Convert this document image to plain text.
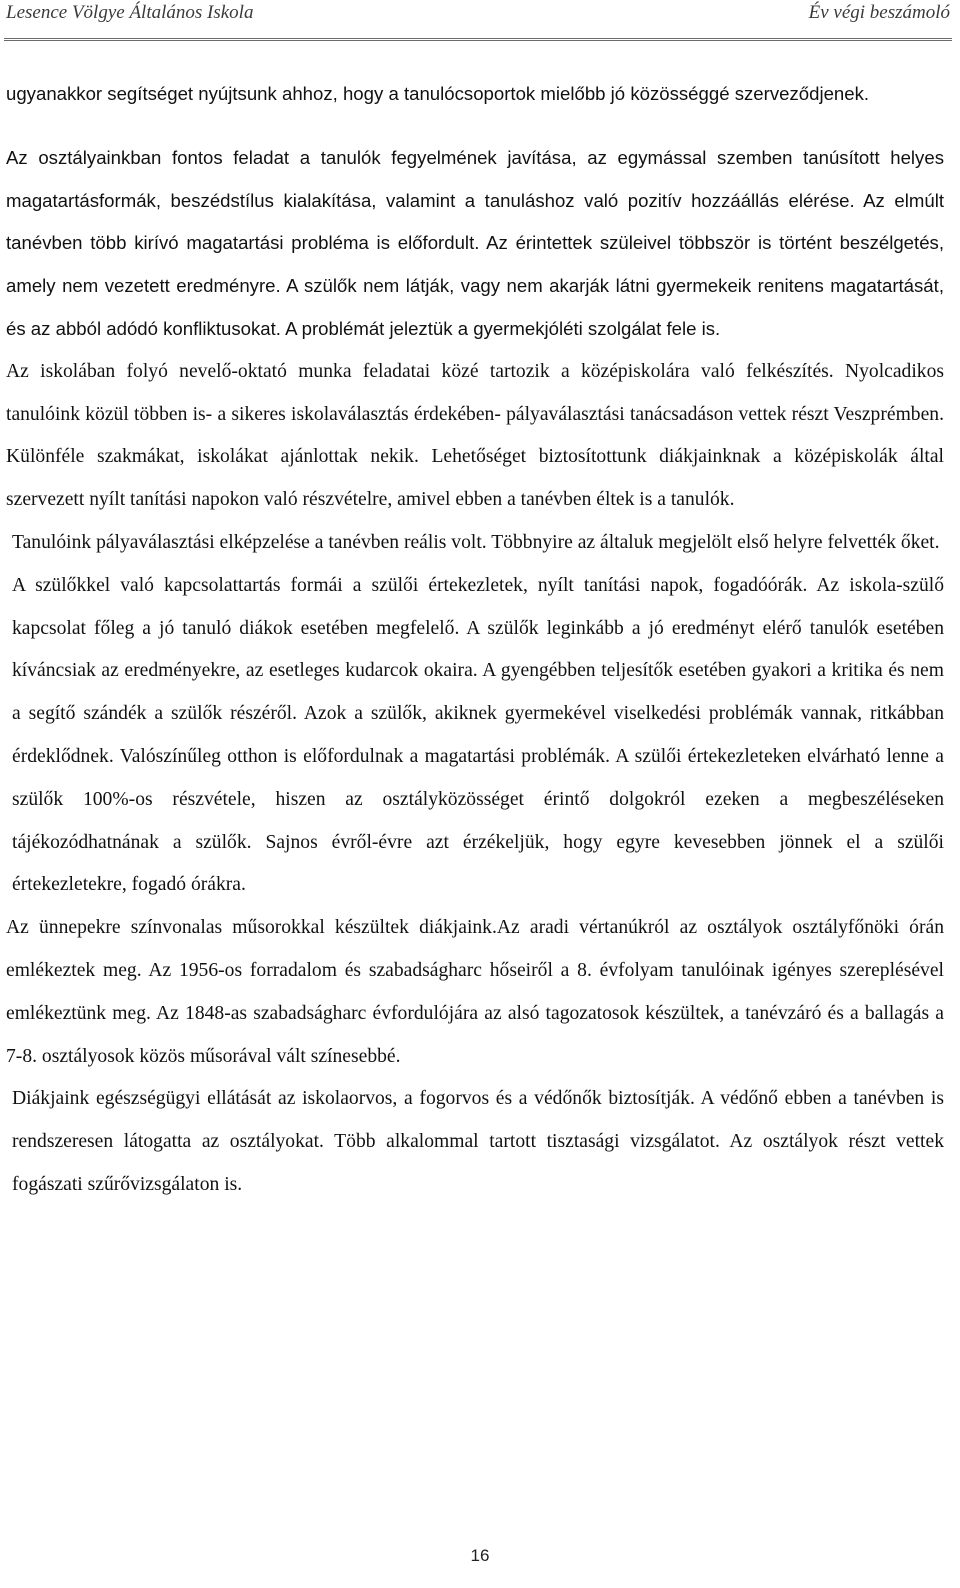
Lesence Völgye Általános Iskola	Év végi beszámoló

ugyanakkor segítséget nyújtsunk ahhoz, hogy a tanulócsoportok mielőbb jó közösséggé szerveződjenek.

Az osztályainkban fontos feladat a tanulók fegyelmének javítása, az egymással szemben tanúsított helyes magatartásformák, beszédstílus kialakítása, valamint a tanuláshoz való pozitív hozzáállás elérése. Az elmúlt tanévben több kirívó magatartási probléma is előfordult. Az érintettek szüleivel többször is történt beszélgetés, amely nem vezetett eredményre. A szülők nem látják, vagy nem akarják látni gyermekeik renitens magatartását, és az abból adódó konfliktusokat. A problémát jeleztük a gyermekjóléti szolgálat fele is.

Az iskolában folyó nevelő-oktató munka feladatai közé tartozik a középiskolára való felkészítés. Nyolcadikos tanulóink közül többen is- a sikeres iskolaválasztás érdekében- pályaválasztási tanácsadáson vettek részt Veszprémben. Különféle szakmákat, iskolákat ajánlottak nekik. Lehetőséget biztosítottunk diákjainknak a középiskolák által szervezett nyílt tanítási napokon való részvételre, amivel ebben a tanévben éltek is a tanulók.

Tanulóink pályaválasztási elképzelése a tanévben reális volt. Többnyire az általuk megjelölt első helyre felvették őket.

A szülőkkel való kapcsolattartás formái a szülői értekezletek, nyílt tanítási napok, fogadóórák. Az iskola-szülő kapcsolat főleg a jó tanuló diákok esetében megfelelő. A szülők leginkább a jó eredményt elérő tanulók esetében kíváncsiak az eredményekre, az esetleges kudarcok okaira. A gyengébben teljesítők esetében gyakori a kritika és nem a segítő szándék a szülők részéről. Azok a szülők, akiknek gyermekével viselkedési problémák vannak, ritkábban érdeklődnek. Valószínűleg otthon is előfordulnak a magatartási problémák. A szülői értekezleteken elvárható lenne a szülők 100%-os részvétele, hiszen az osztályközösséget érintő dolgokról ezeken a megbeszéléseken tájékozódhatnának a szülők. Sajnos évről-évre azt érzékeljük, hogy egyre kevesebben jönnek el a szülői értekezletekre, fogadó órákra.

Az ünnepekre színvonalas műsorokkal készültek diákjaink.Az aradi vértanúkról az osztályok osztályfőnöki órán emlékeztek meg. Az 1956-os forradalom és szabadságharc hőseiről a 8. évfolyam tanulóinak igényes szereplésével emlékeztünk meg. Az 1848-as szabadságharc évfordulójára az alsó tagozatosok készültek, a tanévzáró és a ballagás a 7-8. osztályosok közös műsorával vált színesebbé.

Diákjaink egészségügyi ellátását az iskolaorvos, a fogorvos és a védőnők biztosítják. A védőnő ebben a tanévben is rendszeresen látogatta az osztályokat. Több alkalommal tartott tisztasági vizsgálatot. Az osztályok részt vettek fogászati szűrővizsgálaton is.

16
